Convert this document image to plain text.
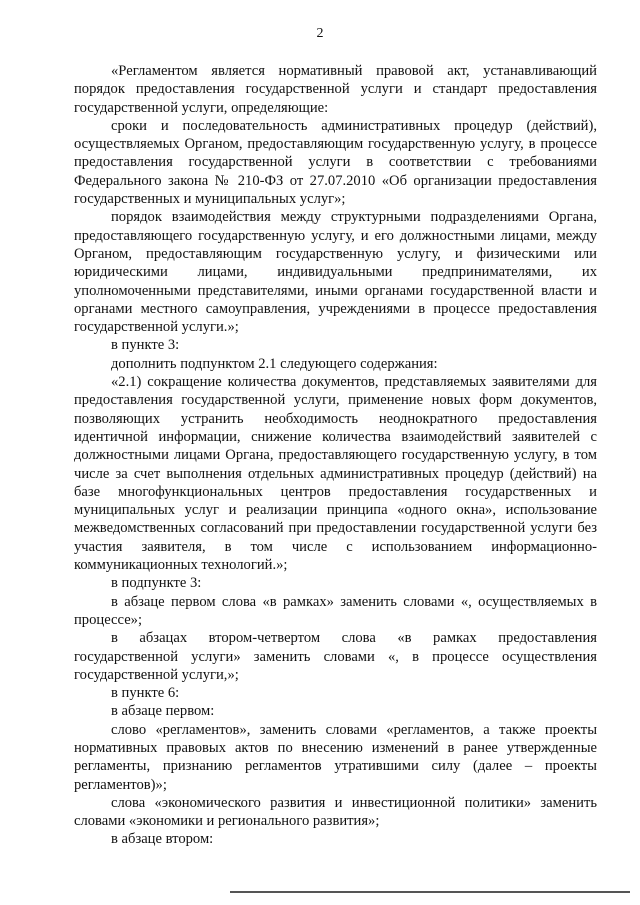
2

«Регламентом является нормативный правовой акт, устанавливающий порядок предоставления государственной услуги и стандарт предоставления государственной услуги, определяющие:

сроки и последовательность административных процедур (действий), осуществляемых Органом, предоставляющим государственную услугу, в процессе предоставления государственной услуги в соответствии с требованиями Федерального закона № 210-ФЗ от 27.07.2010 «Об организации предоставления государственных и муниципальных услуг»;

порядок взаимодействия между структурными подразделениями Органа, предоставляющего государственную услугу, и его должностными лицами, между Органом, предоставляющим государственную услугу, и физическими или юридическими лицами, индивидуальными предпринимателями, их уполномоченными представителями, иными органами государственной власти и органами местного самоуправления, учреждениями в процессе предоставления государственной услуги.»;

в пункте 3:

дополнить подпунктом 2.1 следующего содержания:

«2.1) сокращение количества документов, представляемых заявителями для предоставления государственной услуги, применение новых форм документов, позволяющих устранить необходимость неоднократного предоставления идентичной информации, снижение количества взаимодействий заявителей с должностными лицами Органа, предоставляющего государственную услугу, в том числе за счет выполнения отдельных административных процедур (действий) на базе многофункциональных центров предоставления государственных и муниципальных услуг и реализации принципа «одного окна», использование межведомственных согласований при предоставлении государственной услуги без участия заявителя, в том числе с использованием информационно-коммуникационных технологий.»;

в подпункте 3:

в абзаце первом слова «в рамках» заменить словами «, осуществляемых в процессе»;

в абзацах втором-четвертом слова «в рамках предоставления государственной услуги» заменить словами «, в процессе осуществления государственной услуги,»;

в пункте 6:

в абзаце первом:

слово «регламентов», заменить словами «регламентов, а также проекты нормативных правовых актов по внесению изменений в ранее утвержденные регламенты, признанию регламентов утратившими силу (далее – проекты регламентов)»;

слова «экономического развития и инвестиционной политики» заменить словами «экономики и регионального развития»;

в абзаце втором:
